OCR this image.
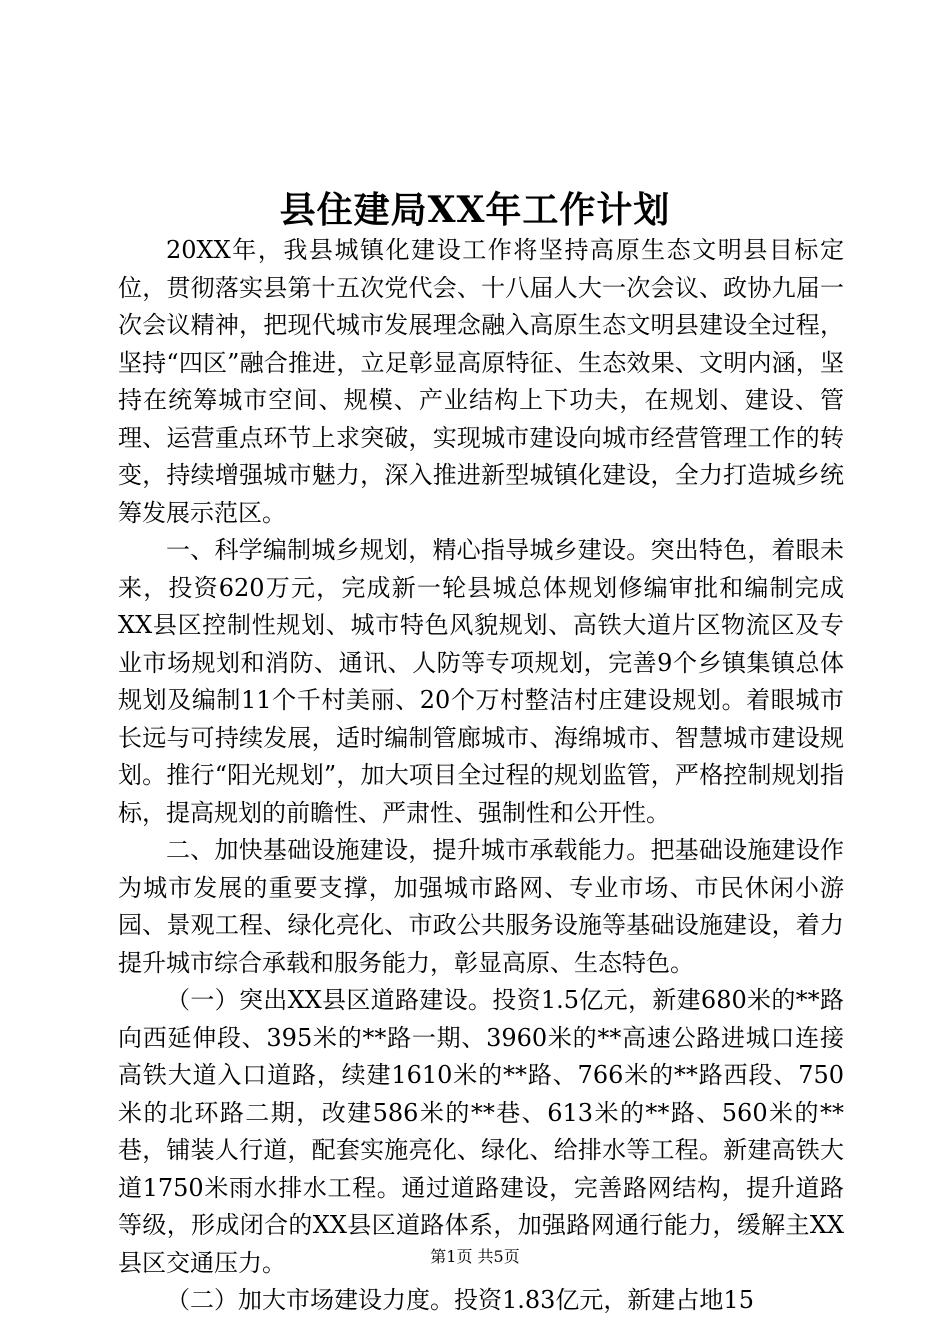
县住建局XX年工作计划

20XX年，我县城镇化建设工作将坚持高原生态文明县目标定位，贯彻落实县第十五次党代会、十八届人大一次会议、政协九届一次会议精神，把现代城市发展理念融入高原生态文明县建设全过程，坚持“四区”融合推进，立足彰显高原特征、生态效果、文明内涵，坚持在统筹城市空间、规模、产业结构上下功夫，在规划、建设、管理、运营重点环节上求突破，实现城市建设向城市经营管理工作的转变，持续增强城市魅力，深入推进新型城镇化建设，全力打造城乡统筹发展示范区。

一、科学编制城乡规划，精心指导城乡建设。突出特色，着眼未来，投资620万元，完成新一轮县城总体规划修编审批和编制完成XX县区控制性规划、城市特色风貌规划、高铁大道片区物流区及专业市场规划和消防、通讯、人防等专项规划，完善9个乡镇集镇总体规划及编制11个千村美丽、20个万村整洁村庄建设规划。着眼城市长远与可持续发展，适时编制管廊城市、海绵城市、智慧城市建设规划。推行“阳光规划”，加大项目全过程的规划监管，严格控制规划指标，提高规划的前瞻性、严肃性、强制性和公开性。

二、加快基础设施建设，提升城市承载能力。把基础设施建设作为城市发展的重要支撑，加强城市路网、专业市场、市民休闲小游园、景观工程、绿化亮化、市政公共服务设施等基础设施建设，着力提升城市综合承载和服务能力，彰显高原、生态特色。

（一）突出XX县区道路建设。投资1.5亿元，新建680米的**路向西延伸段、395米的**路一期、3960米的**高速公路进城口连接高铁大道入口道路，续建1610米的**路、766米的**路西段、750米的北环路二期，改建586米的**巷、613米的**路、560米的**巷，铺装人行道，配套实施亮化、绿化、给排水等工程。新建高铁大道1750米雨水排水工程。通过道路建设，完善路网结构，提升道路等级，形成闭合的XX县区道路体系，加强路网通行能力，缓解主XX县区交通压力。

（二）加大市场建设力度。投资1.83亿元，新建占地15

第1页 共5页
